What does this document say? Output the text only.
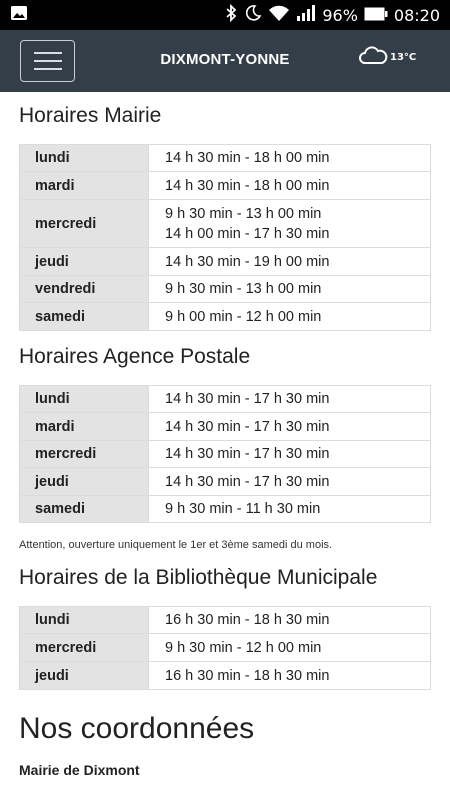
96% 08:20
DIXMONT-YONNE	13°C
Horaires Mairie
lundi	14 h 30 min - 18 h 00 min
mardi	14 h 30 min - 18 h 00 min
mercredi	9 h 30 min - 13 h 00 min
14 h 00 min - 17 h 30 min

jeudi	14 h 30 min - 19 h 00 min
vendredi	9 h 30 min - 13 h 00 min
samedi	9 h 00 min - 12 h 00 min
Horaires Agence Postale
lundi	14 h 30 min - 17 h 30 min
mardi	14 h 30 min - 17 h 30 min
mercredi	14 h 30 min - 17 h 30 min
jeudi	14 h 30 min - 17 h 30 min
samedi	9 h 30 min - 11 h 30 min
Attention, ouverture uniquement le 1er et 3ème samedi du mois.
Horaires de la Bibliothèque Municipale
lundi	16 h 30 min - 18 h 30 min
mercredi	9 h 30 min - 12 h 00 min
jeudi	16 h 30 min - 18 h 30 min
Nos coordonnées
Mairie de Dixmont
